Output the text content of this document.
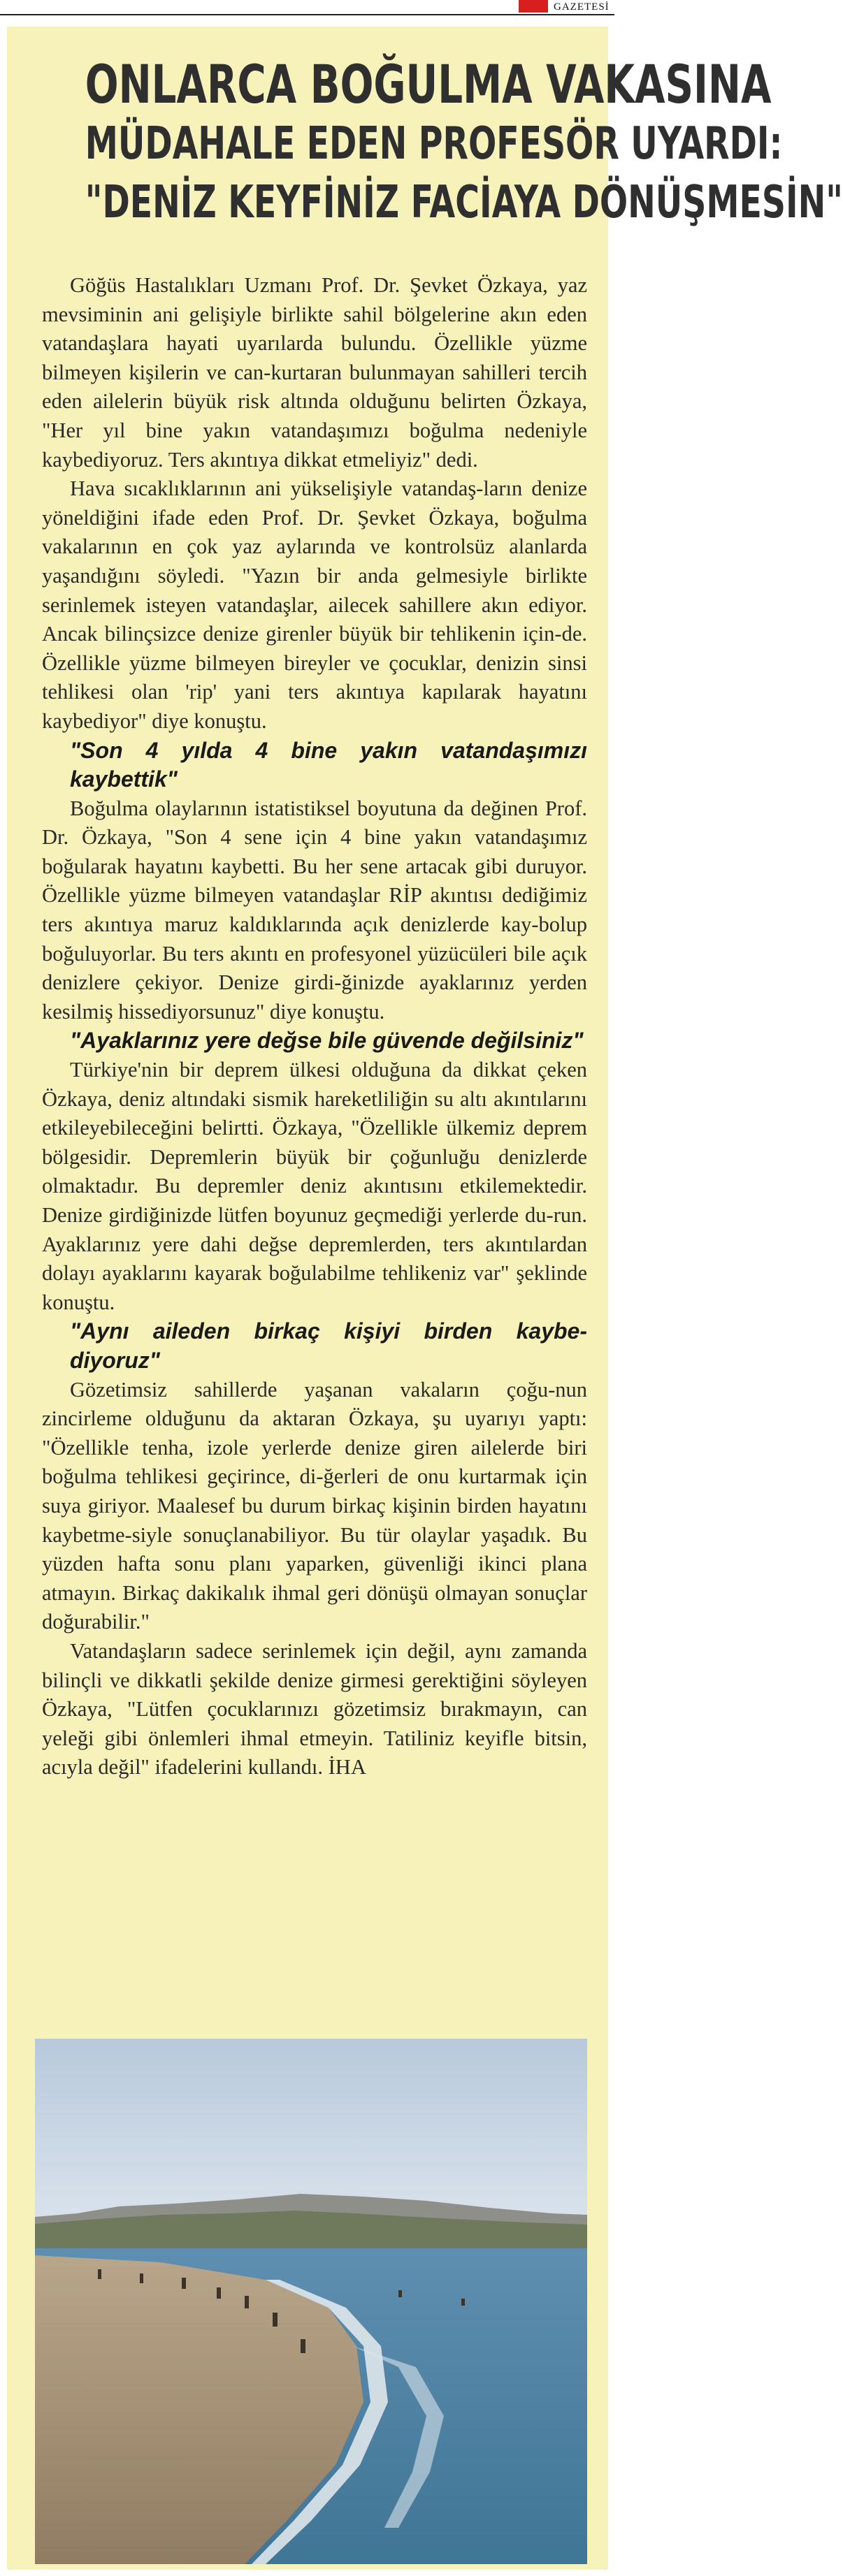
GAZETESİ
ONLARCA BOĞULMA VAKASINA
MÜDAHALE EDEN PROFESÖR UYARDI:
"DENİZ KEYFİNİZ FACİAYA DÖNÜŞMESİN"

Göğüs Hastalıkları Uzmanı Prof. Dr. Şevket Özkaya, yaz mevsiminin ani gelişiyle birlikte sahil bölgelerine akın eden vatandaşlara hayati uyarılarda bulundu. Özellikle yüzme bilmeyen kişilerin ve can-kurtaran bulunmayan sahilleri tercih eden ailelerin büyük risk altında olduğunu belirten Özkaya, "Her yıl bine yakın vatandaşımızı boğulma nedeniyle kaybediyoruz. Ters akıntıya dikkat etmeliyiz" dedi.

Hava sıcaklıklarının ani yükselişiyle vatandaş-ların denize yöneldiğini ifade eden Prof. Dr. Şevket Özkaya, boğulma vakalarının en çok yaz aylarında ve kontrolsüz alanlarda yaşandığını söyledi. "Yazın bir anda gelmesiyle birlikte serinlemek isteyen vatandaşlar, ailecek sahillere akın ediyor. Ancak bilinçsizce denize girenler büyük bir tehlikenin için-de. Özellikle yüzme bilmeyen bireyler ve çocuklar, denizin sinsi tehlikesi olan 'rip' yani ters akıntıya kapılarak hayatını kaybediyor" diye konuştu.

"Son 4 yılda 4 bine yakın vatandaşımızı kaybettik"

Boğulma olaylarının istatistiksel boyutuna da değinen Prof. Dr. Özkaya, "Son 4 sene için 4 bine yakın vatandaşımız boğularak hayatını kaybetti. Bu her sene artacak gibi duruyor. Özellikle yüzme bilmeyen vatandaşlar RİP akıntısı dediğimiz ters akıntıya maruz kaldıklarında açık denizlerde kay-bolup boğuluyorlar. Bu ters akıntı en profesyonel yüzücüleri bile açık denizlere çekiyor. Denize girdi-ğinizde ayaklarınız yerden kesilmiş hissediyorsunuz" diye konuştu.

"Ayaklarınız yere değse bile güvende değilsiniz"

Türkiye'nin bir deprem ülkesi olduğuna da dikkat çeken Özkaya, deniz altındaki sismik hareketliliğin su altı akıntılarını etkileyebileceğini belirtti. Özkaya, "Özellikle ülkemiz deprem bölgesidir. Depremlerin büyük bir çoğunluğu denizlerde olmaktadır. Bu depremler deniz akıntısını etkilemektedir. Denize girdiğinizde lütfen boyunuz geçmediği yerlerde du-run. Ayaklarınız yere dahi değse depremlerden, ters akıntılardan dolayı ayaklarını kayarak boğulabilme tehlikeniz var" şeklinde konuştu.

"Aynı aileden birkaç kişiyi birden kaybe-diyoruz"

Gözetimsiz sahillerde yaşanan vakaların çoğu-nun zincirleme olduğunu da aktaran Özkaya, şu uyarıyı yaptı: "Özellikle tenha, izole yerlerde denize giren ailelerde biri boğulma tehlikesi geçirince, di-ğerleri de onu kurtarmak için suya giriyor. Maalesef bu durum birkaç kişinin birden hayatını kaybetme-siyle sonuçlanabiliyor. Bu tür olaylar yaşadık. Bu yüzden hafta sonu planı yaparken, güvenliği ikinci plana atmayın. Birkaç dakikalık ihmal geri dönüşü olmayan sonuçlar doğurabilir."

Vatandaşların sadece serinlemek için değil, aynı zamanda bilinçli ve dikkatli şekilde denize girmesi gerektiğini söyleyen Özkaya, "Lütfen çocuklarınızı gözetimsiz bırakmayın, can yeleği gibi önlemleri ihmal etmeyin. Tatiliniz keyifle bitsin, acıyla değil" ifadelerini kullandı. İHA
